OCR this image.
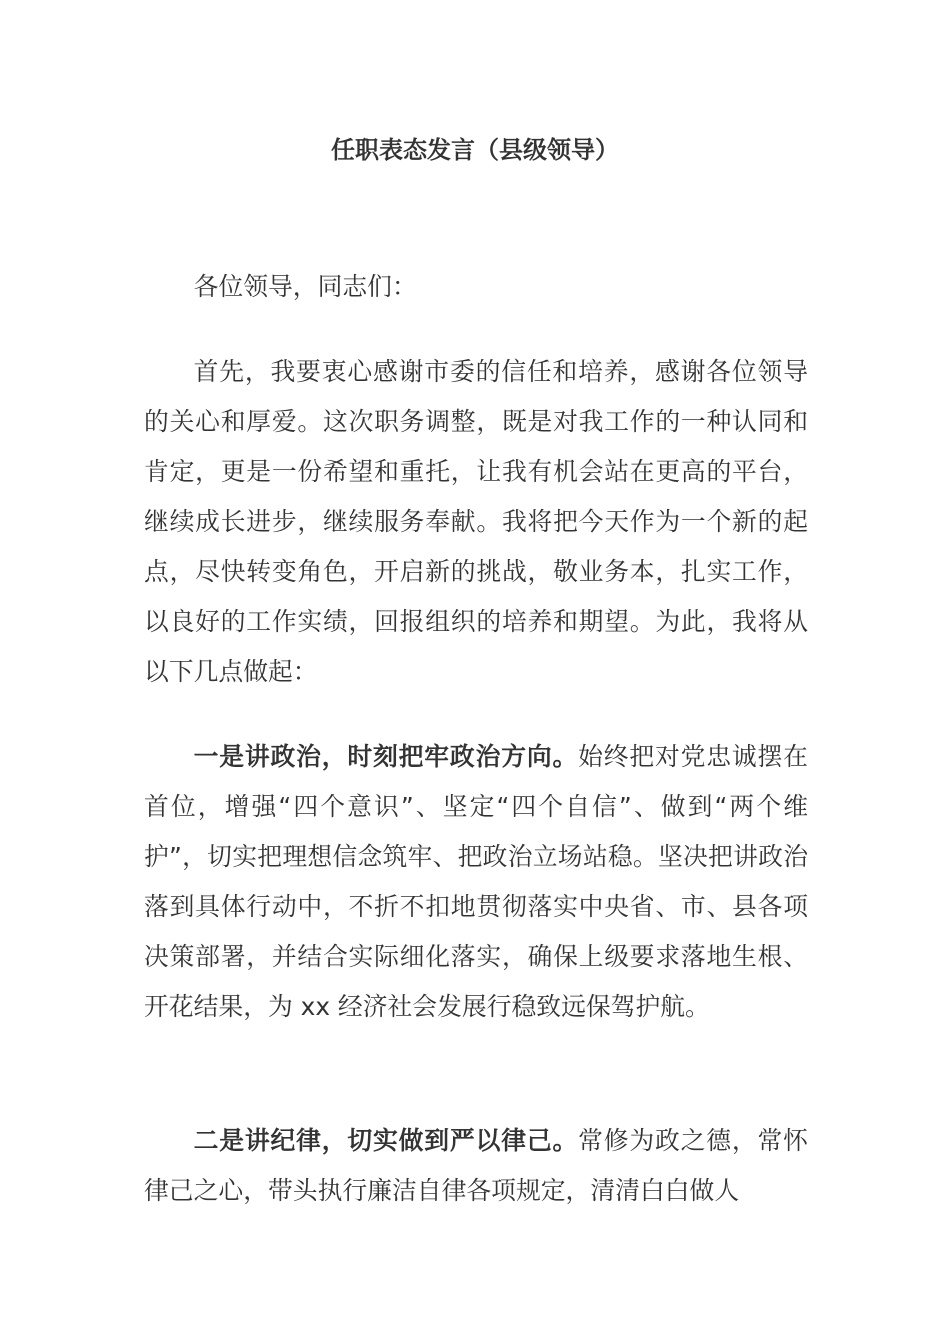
任职表态发言（县级领导）

各位领导，同志们：

首先，我要衷心感谢市委的信任和培养，感谢各位领导的关心和厚爱。这次职务调整，既是对我工作的一种认同和肯定，更是一份希望和重托，让我有机会站在更高的平台，继续成长进步，继续服务奉献。我将把今天作为一个新的起点，尽快转变角色，开启新的挑战，敬业务本，扎实工作，以良好的工作实绩，回报组织的培养和期望。为此，我将从以下几点做起：

一是讲政治，时刻把牢政治方向。始终把对党忠诚摆在首位，增强“四个意识”、坚定“四个自信”、做到“两个维护”，切实把理想信念筑牢、把政治立场站稳。坚决把讲政治落到具体行动中，不折不扣地贯彻落实中央省、市、县各项决策部署，并结合实际细化落实，确保上级要求落地生根、开花结果，为 xx 经济社会发展行稳致远保驾护航。

二是讲纪律，切实做到严以律己。常修为政之德，常怀律己之心，带头执行廉洁自律各项规定，清清白白做人
